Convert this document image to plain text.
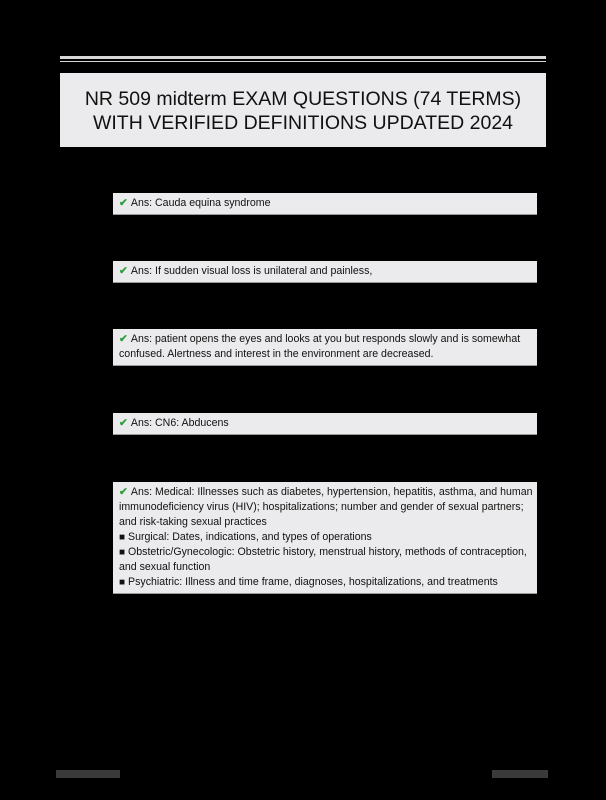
NR 509 midterm EXAM QUESTIONS (74 TERMS)
WITH VERIFIED DEFINITIONS UPDATED 2024
✔ Ans: Cauda equina syndrome
✔ Ans: If sudden visual loss is unilateral and painless,
✔ Ans: patient opens the eyes and looks at you but responds slowly and is somewhat confused. Alertness and interest in the environment are decreased.
✔ Ans: CN6: Abducens
✔ Ans: Medical: Illnesses such as diabetes, hypertension, hepatitis, asthma, and human immunodeficiency virus (HIV); hospitalizations; number and gender of sexual partners; and risk-taking sexual practices
■ Surgical: Dates, indications, and types of operations
■ Obstetric/Gynecologic: Obstetric history, menstrual history, methods of contraception, and sexual function
■ Psychiatric: Illness and time frame, diagnoses, hospitalizations, and treatments
